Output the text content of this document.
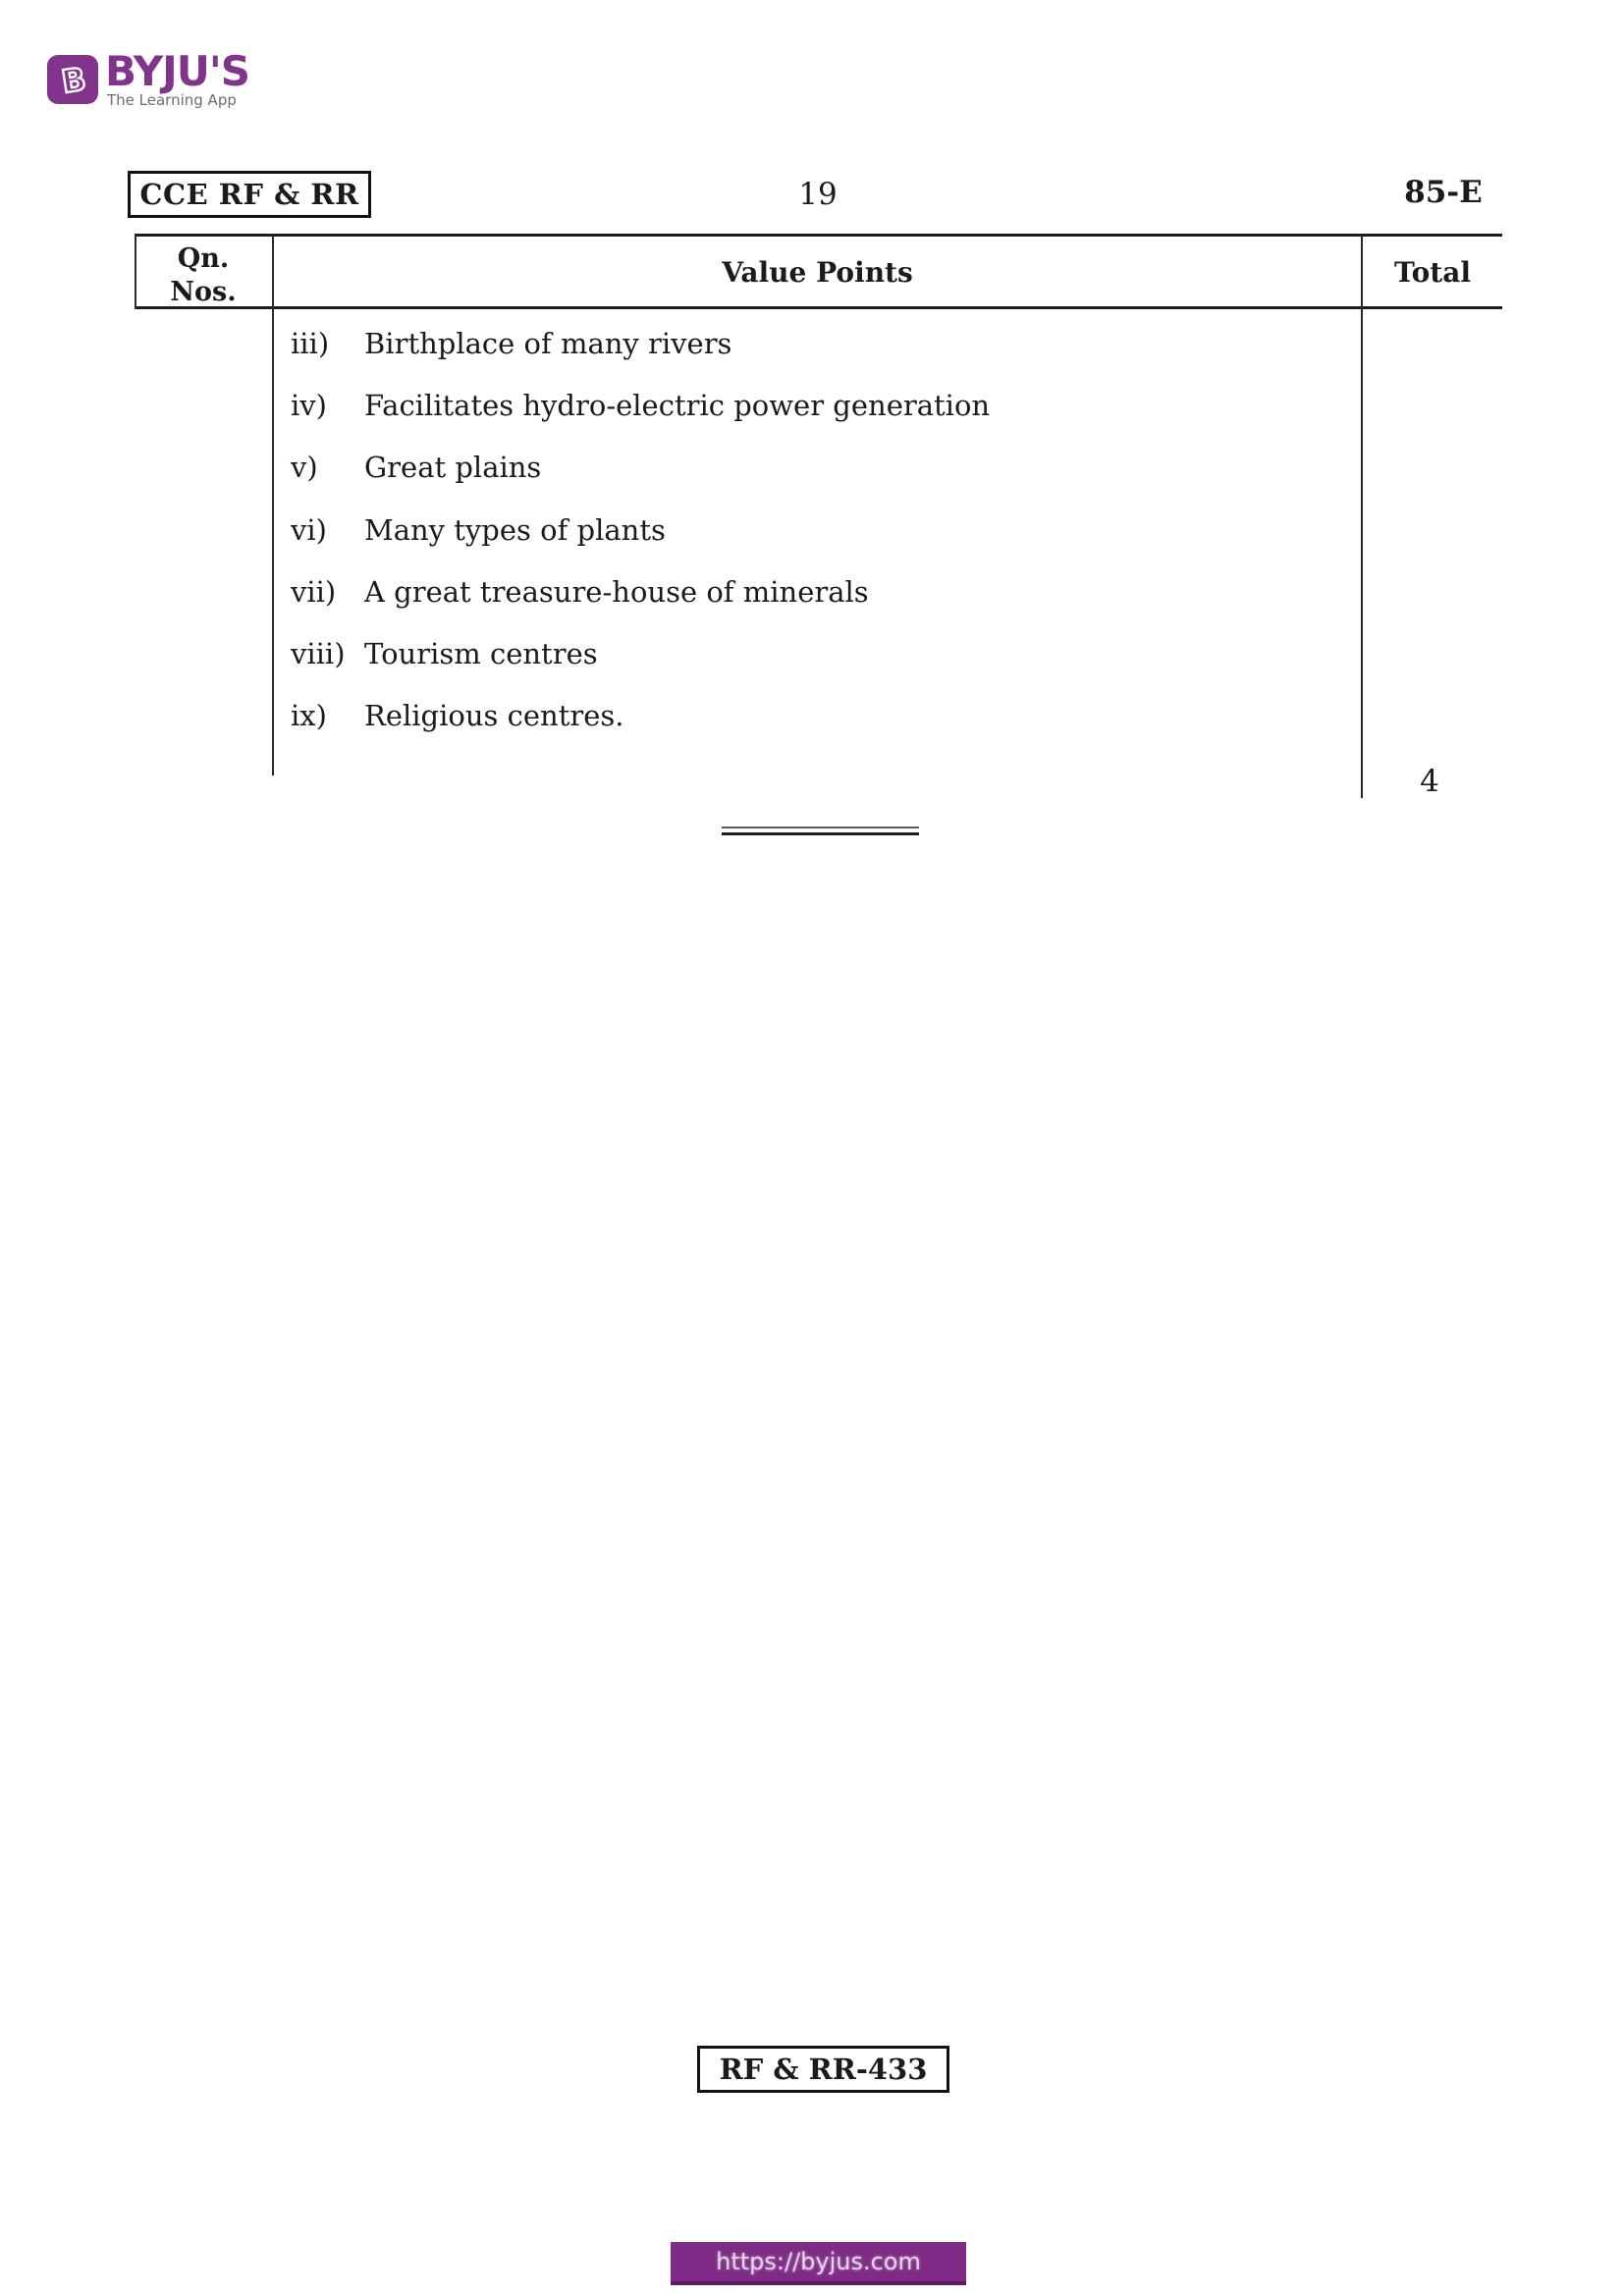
B BYJU'S
The Learning App
CCE RF & RR	19	85-E
Qn.
Nos.
Value Points	Total
iii)	Birthplace of many rivers
iv)	Facilitates hydro-electric power generation
v)	Great plains
vi)	Many types of plants
vii) A great treasure-house of minerals
viii) Tourism centres
ix)	Religious centres.
4
RF & RR-433
https://byjus.com
